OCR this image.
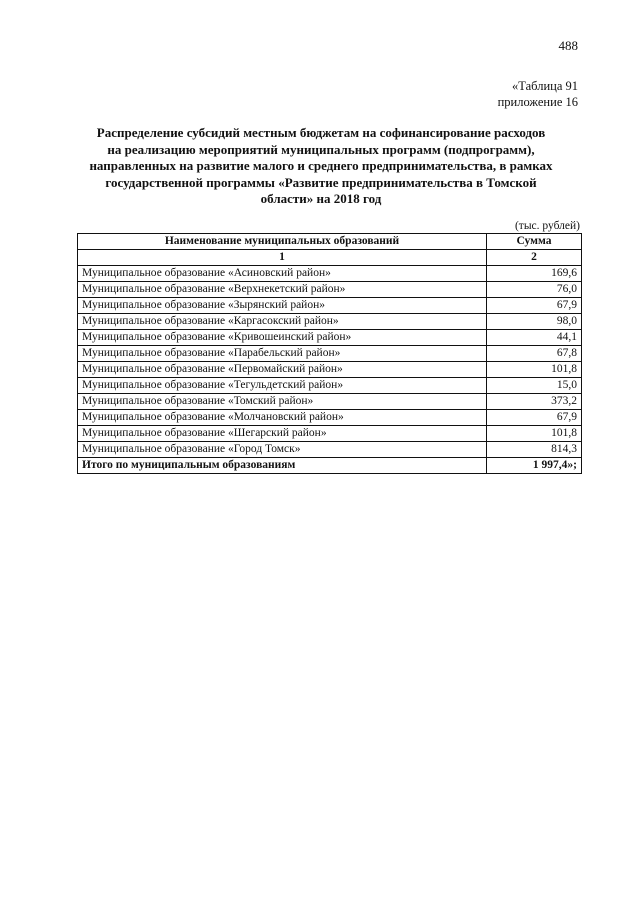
488
«Таблица 91
приложение 16
Распределение субсидий местным бюджетам на софинансирование расходов
на реализацию мероприятий муниципальных программ (подпрограмм),
направленных на развитие малого и среднего предпринимательства, в рамках
государственной программы «Развитие предпринимательства в Томской
области» на 2018 год
(тыс. рублей)
Наименование муниципальных образований	Сумма
1	2
Муниципальное образование «Асиновский район»	169,6
Муниципальное образование «Верхнекетский район»	76,0
Муниципальное образование «Зырянский район»	67,9
Муниципальное образование «Каргасокский район»	98,0
Муниципальное образование «Кривошеинский район»	44,1
Муниципальное образование «Парабельский район»	67,8
Муниципальное образование «Первомайский район»	101,8
Муниципальное образование «Тегульдетский район»	15,0
Муниципальное образование «Томский район»	373,2
Муниципальное образование «Молчановский район»	67,9
Муниципальное образование «Шегарский район»	101,8
Муниципальное образование «Город Томск»	814,3
Итого по муниципальным образованиям	1 997,4»;
